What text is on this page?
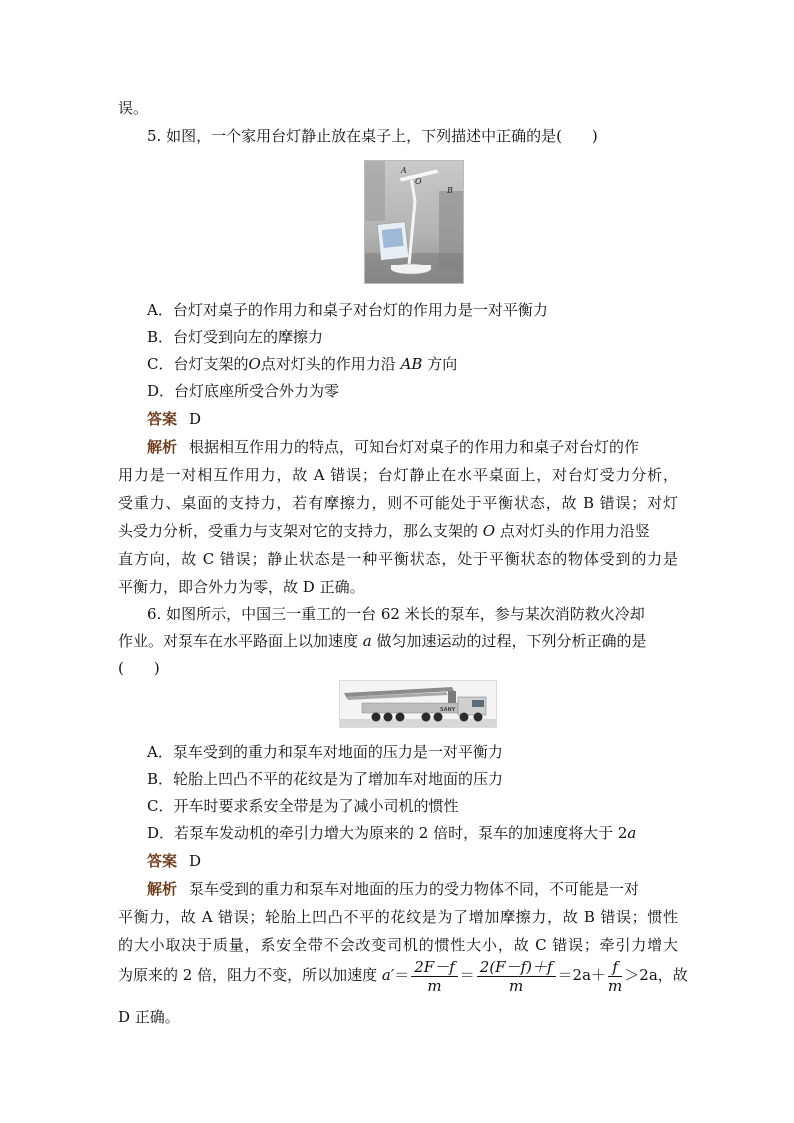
误。
5. 如图，一个家用台灯静止放在桌子上，下列描述中正确的是(　　)
A
O
B
A．台灯对桌子的作用力和桌子对台灯的作用力是一对平衡力
B．台灯受到向左的摩擦力
C．台灯支架的O点对灯头的作用力沿 AB 方向
D．台灯底座所受合外力为零
答案 D
解析 根据相互作用力的特点，可知台灯对桌子的作用力和桌子对台灯的作
用力是一对相互作用力，故 A 错误；台灯静止在水平桌面上，对台灯受力分析，
受重力、桌面的支持力，若有摩擦力，则不可能处于平衡状态，故 B 错误；对灯
头受力分析，受重力与支架对它的支持力，那么支架的 O 点对灯头的作用力沿竖
直方向，故 C 错误；静止状态是一种平衡状态，处于平衡状态的物体受到的力是
平衡力，即合外力为零，故 D 正确。
6. 如图所示，中国三一重工的一台 62 米长的泵车，参与某次消防救火冷却
作业。对泵车在水平路面上以加速度 a 做匀加速运动的过程，下列分析正确的是
(　　)
SANY
A．泵车受到的重力和泵车对地面的压力是一对平衡力
B．轮胎上凹凸不平的花纹是为了增加车对地面的压力
C．开车时要求系安全带是为了减小司机的惯性
D．若泵车发动机的牵引力增大为原来的 2 倍时，泵车的加速度将大于 2a
答案 D
解析 泵车受到的重力和泵车对地面的压力的受力物体不同，不可能是一对
平衡力，故 A 错误；轮胎上凹凸不平的花纹是为了增加摩擦力，故 B 错误；惯性
的大小取决于质量，系安全带不会改变司机的惯性大小，故 C 错误；牵引力增大
为原来的 2 倍，阻力不变，所以加速度 $a'= \frac{2F-f}{m} = \frac{2(F-f)+f}{m} =2a+ \frac{f}{m} >2a$，故
D 正确。
